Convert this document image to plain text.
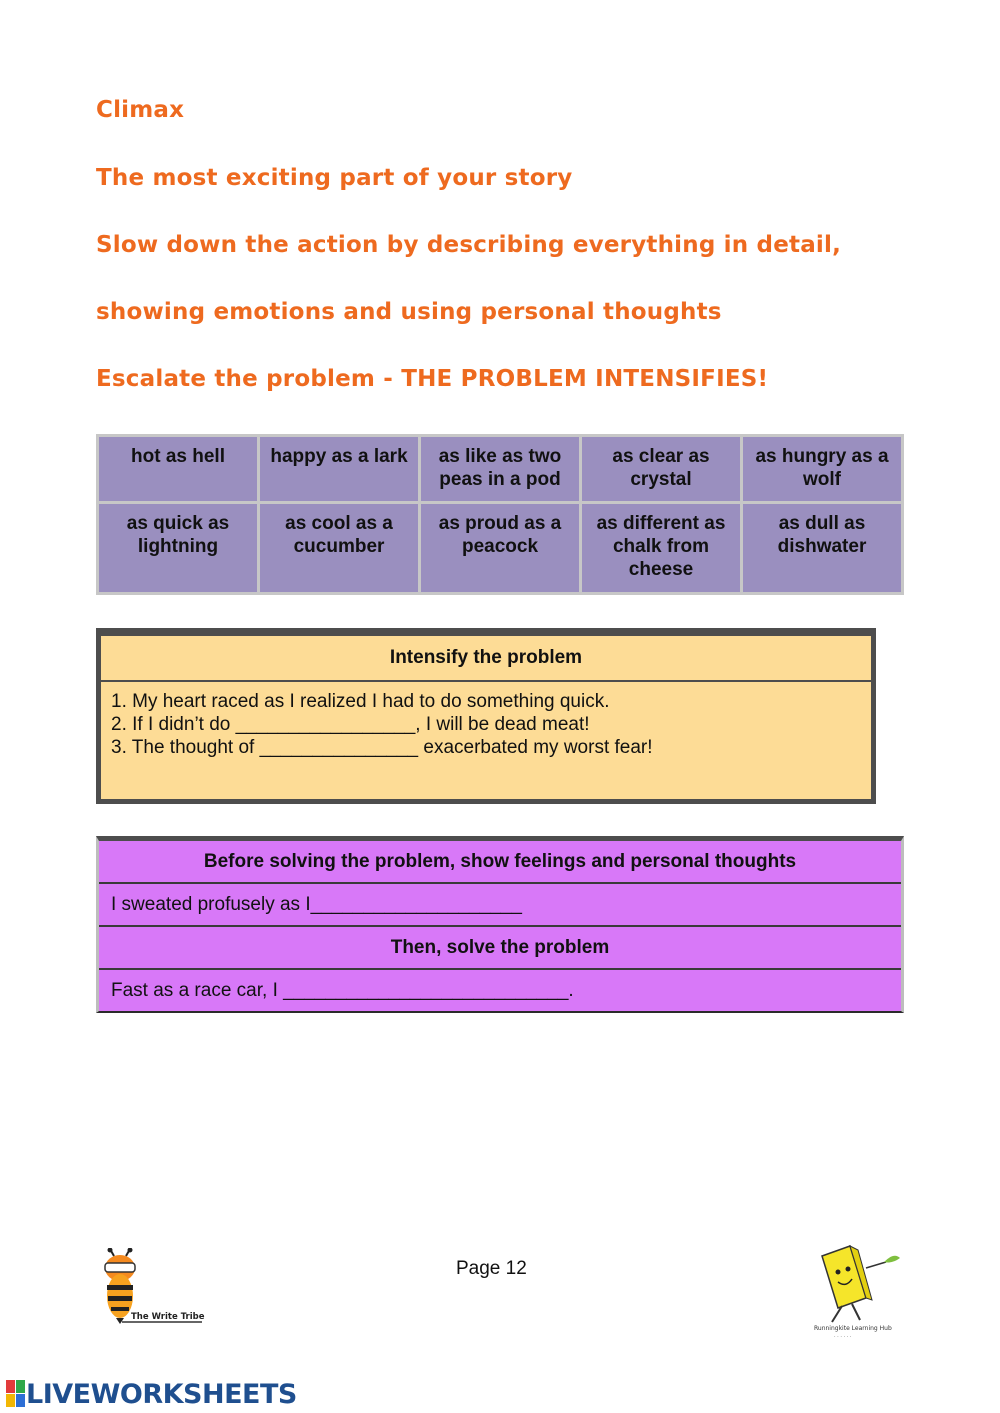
Climax
The most exciting part of your story
Slow down the action by describing everything in detail,
showing emotions and using personal thoughts
Escalate the problem - THE PROBLEM INTENSIFIES!
hot as hell	happy as a lark	as like as two peas in a pod	as clear as crystal	as hungry as a wolf
as quick as lightning	as cool as a cucumber	as proud as a peacock	as different as chalk from cheese	as dull as dishwater
Intensify the problem
1. My heart raced as I realized I had to do something quick.
2. If I didn’t do _________________, I will be dead meat!
3. The thought of _______________ exacerbated my worst fear!
Before solving the problem, show feelings and personal thoughts
I sweated profusely as I____________________
Then, solve the problem
Fast as a race car, I ___________________________.
The Write Tribe
Page 12
Runningkite Learning Hub
· · · · · ·
LIVEWORKSHEETS
